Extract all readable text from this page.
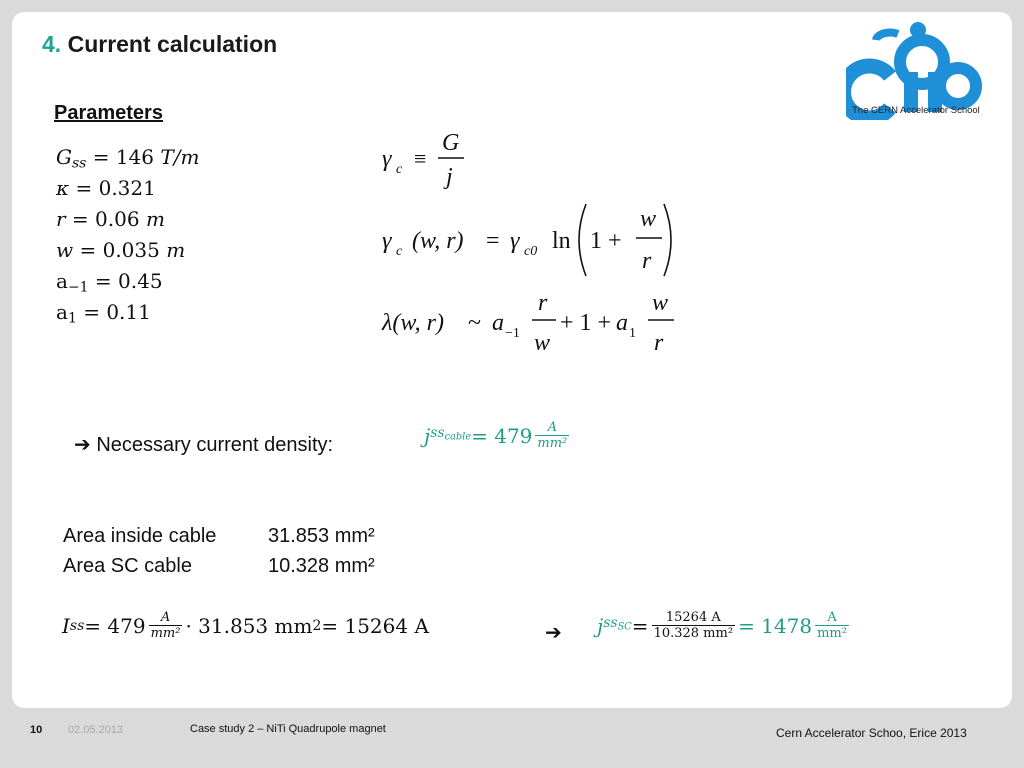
4. Current calculation
The CERN Accelerator School
Parameters
$G_{ss} = 146$ T/m
κ = 0.321
r = 0.06 m
w = 0.035 m
$a_{-1} = 0.45$
$a_1 = 0.11$
γ c ≡
G
j
γ c (w, r) = γ c0 ln 1 +
w
r
λ(w, r) ~ a −1
r
w
+ 1 + a 1
w
r
➔ Necessary current density:	j $ss_{cable} = 479 \frac{A}{\text{mm²}}$
Area inside cable	31.853 mm²
Area SC cable	10.328 mm²
I ss = $479 \frac{A}{\text{mm²}} \cdot 31.853$ mm 2 = 15264 A	➔ j $ss_{SC} = \frac{15264 A}{\text{10.328 mm²}} = 1478 \frac{A}{\text{mm²}}$
10 02.05.2013	Case study 2 – NiTi Quadrupole magnet	Cern Accelerator Schoo, Erice 2013
